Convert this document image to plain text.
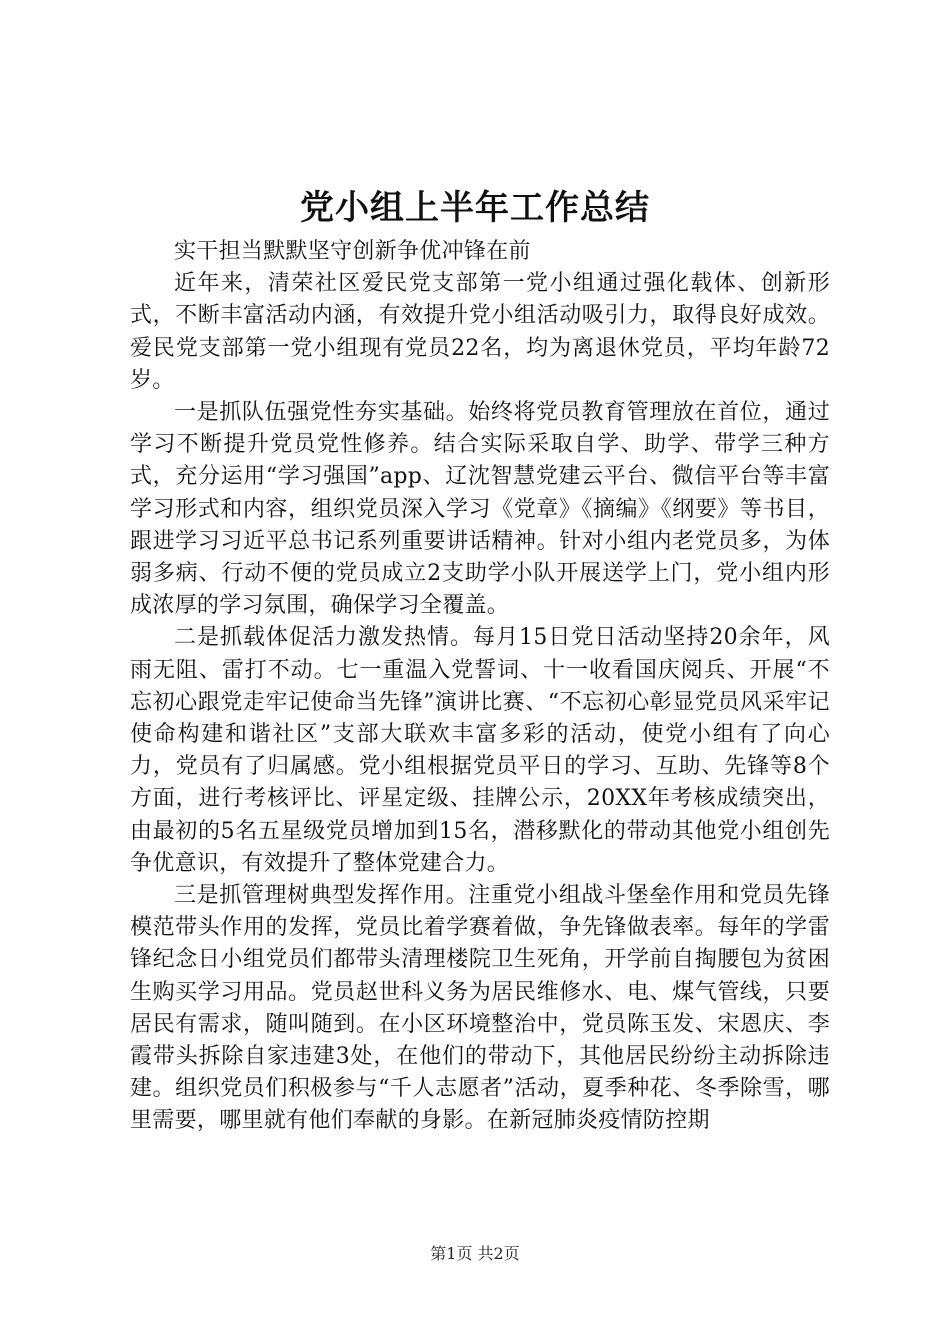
党小组上半年工作总结

实干担当默默坚守创新争优冲锋在前

近年来，清荣社区爱民党支部第一党小组通过强化载体、创新形式，不断丰富活动内涵，有效提升党小组活动吸引力，取得良好成效。爱民党支部第一党小组现有党员22名，均为离退休党员，平均年龄72岁。

一是抓队伍强党性夯实基础。始终将党员教育管理放在首位，通过学习不断提升党员党性修养。结合实际采取自学、助学、带学三种方式，充分运用“学习强国”app、辽沈智慧党建云平台、微信平台等丰富学习形式和内容，组织党员深入学习《党章》《摘编》《纲要》等书目，跟进学习习近平总书记系列重要讲话精神。针对小组内老党员多，为体弱多病、行动不便的党员成立2支助学小队开展送学上门，党小组内形成浓厚的学习氛围，确保学习全覆盖。

二是抓载体促活力激发热情。每月15日党日活动坚持20余年，风雨无阻、雷打不动。七一重温入党誓词、十一收看国庆阅兵、开展“不忘初心跟党走牢记使命当先锋”演讲比赛、“不忘初心彰显党员风采牢记使命构建和谐社区”支部大联欢丰富多彩的活动，使党小组有了向心力，党员有了归属感。党小组根据党员平日的学习、互助、先锋等8个方面，进行考核评比、评星定级、挂牌公示，20XX年考核成绩突出，由最初的5名五星级党员增加到15名，潜移默化的带动其他党小组创先争优意识，有效提升了整体党建合力。

三是抓管理树典型发挥作用。注重党小组战斗堡垒作用和党员先锋模范带头作用的发挥，党员比着学赛着做，争先锋做表率。每年的学雷锋纪念日小组党员们都带头清理楼院卫生死角，开学前自掏腰包为贫困生购买学习用品。党员赵世科义务为居民维修水、电、煤气管线，只要居民有需求，随叫随到。在小区环境整治中，党员陈玉发、宋恩庆、李霞带头拆除自家违建3处，在他们的带动下，其他居民纷纷主动拆除违建。组织党员们积极参与“千人志愿者”活动，夏季种花、冬季除雪，哪里需要，哪里就有他们奉献的身影。在新冠肺炎疫情防控期

第1页 共2页
